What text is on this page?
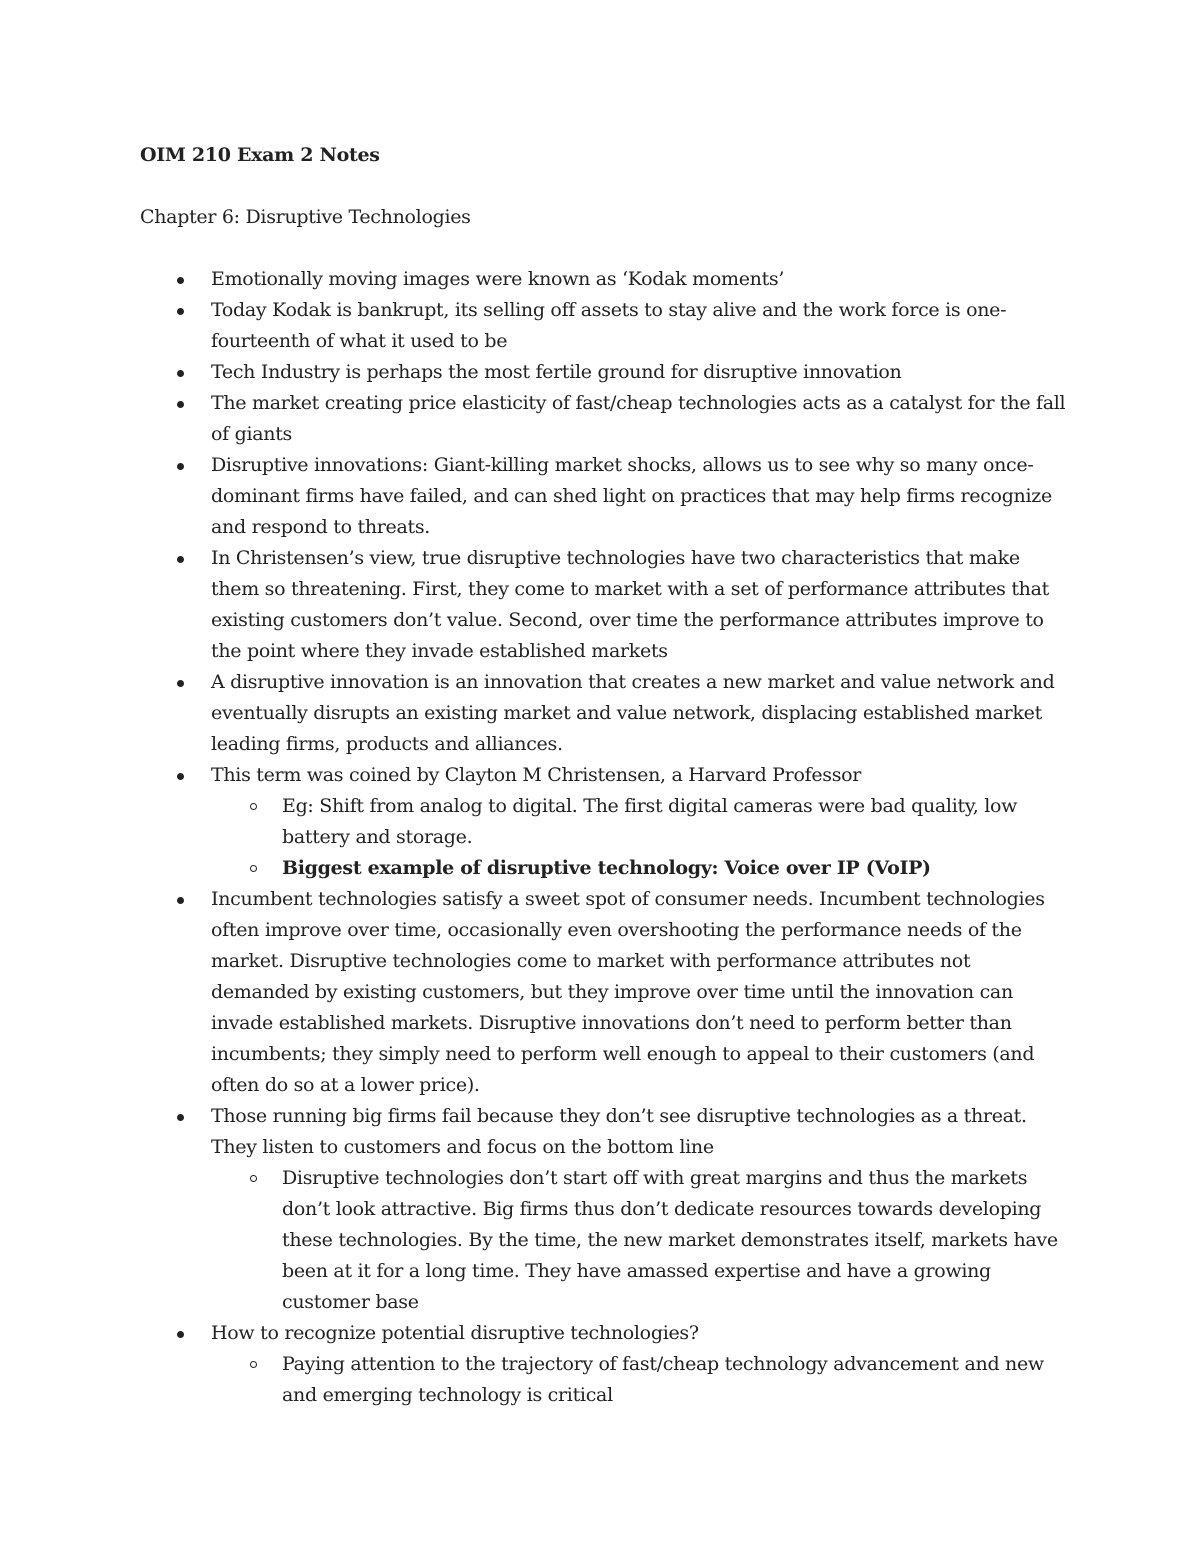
OIM 210 Exam 2 Notes
Chapter 6: Disruptive Technologies
Emotionally moving images were known as ‘Kodak moments’
Today Kodak is bankrupt, its selling off assets to stay alive and the work force is one-fourteenth of what it used to be
Tech Industry is perhaps the most fertile ground for disruptive innovation
The market creating price elasticity of fast/cheap technologies acts as a catalyst for the fall of giants
Disruptive innovations: Giant-killing market shocks, allows us to see why so many once-dominant firms have failed, and can shed light on practices that may help firms recognize and respond to threats.
In Christensen’s view, true disruptive technologies have two characteristics that make them so threatening. First, they come to market with a set of performance attributes that existing customers don’t value. Second, over time the performance attributes improve to the point where they invade established markets
A disruptive innovation is an innovation that creates a new market and value network and eventually disrupts an existing market and value network, displacing established market leading firms, products and alliances.
This term was coined by Clayton M Christensen, a Harvard Professor
Eg: Shift from analog to digital. The first digital cameras were bad quality, low battery and storage.
Biggest example of disruptive technology: Voice over IP (VoIP)
Incumbent technologies satisfy a sweet spot of consumer needs. Incumbent technologies often improve over time, occasionally even overshooting the performance needs of the market. Disruptive technologies come to market with performance attributes not demanded by existing customers, but they improve over time until the innovation can invade established markets. Disruptive innovations don’t need to perform better than incumbents; they simply need to perform well enough to appeal to their customers (and often do so at a lower price).
Those running big firms fail because they don’t see disruptive technologies as a threat. They listen to customers and focus on the bottom line
Disruptive technologies don’t start off with great margins and thus the markets don’t look attractive. Big firms thus don’t dedicate resources towards developing these technologies. By the time, the new market demonstrates itself, markets have been at it for a long time. They have amassed expertise and have a growing customer base
How to recognize potential disruptive technologies?
Paying attention to the trajectory of fast/cheap technology advancement and new and emerging technology is critical
